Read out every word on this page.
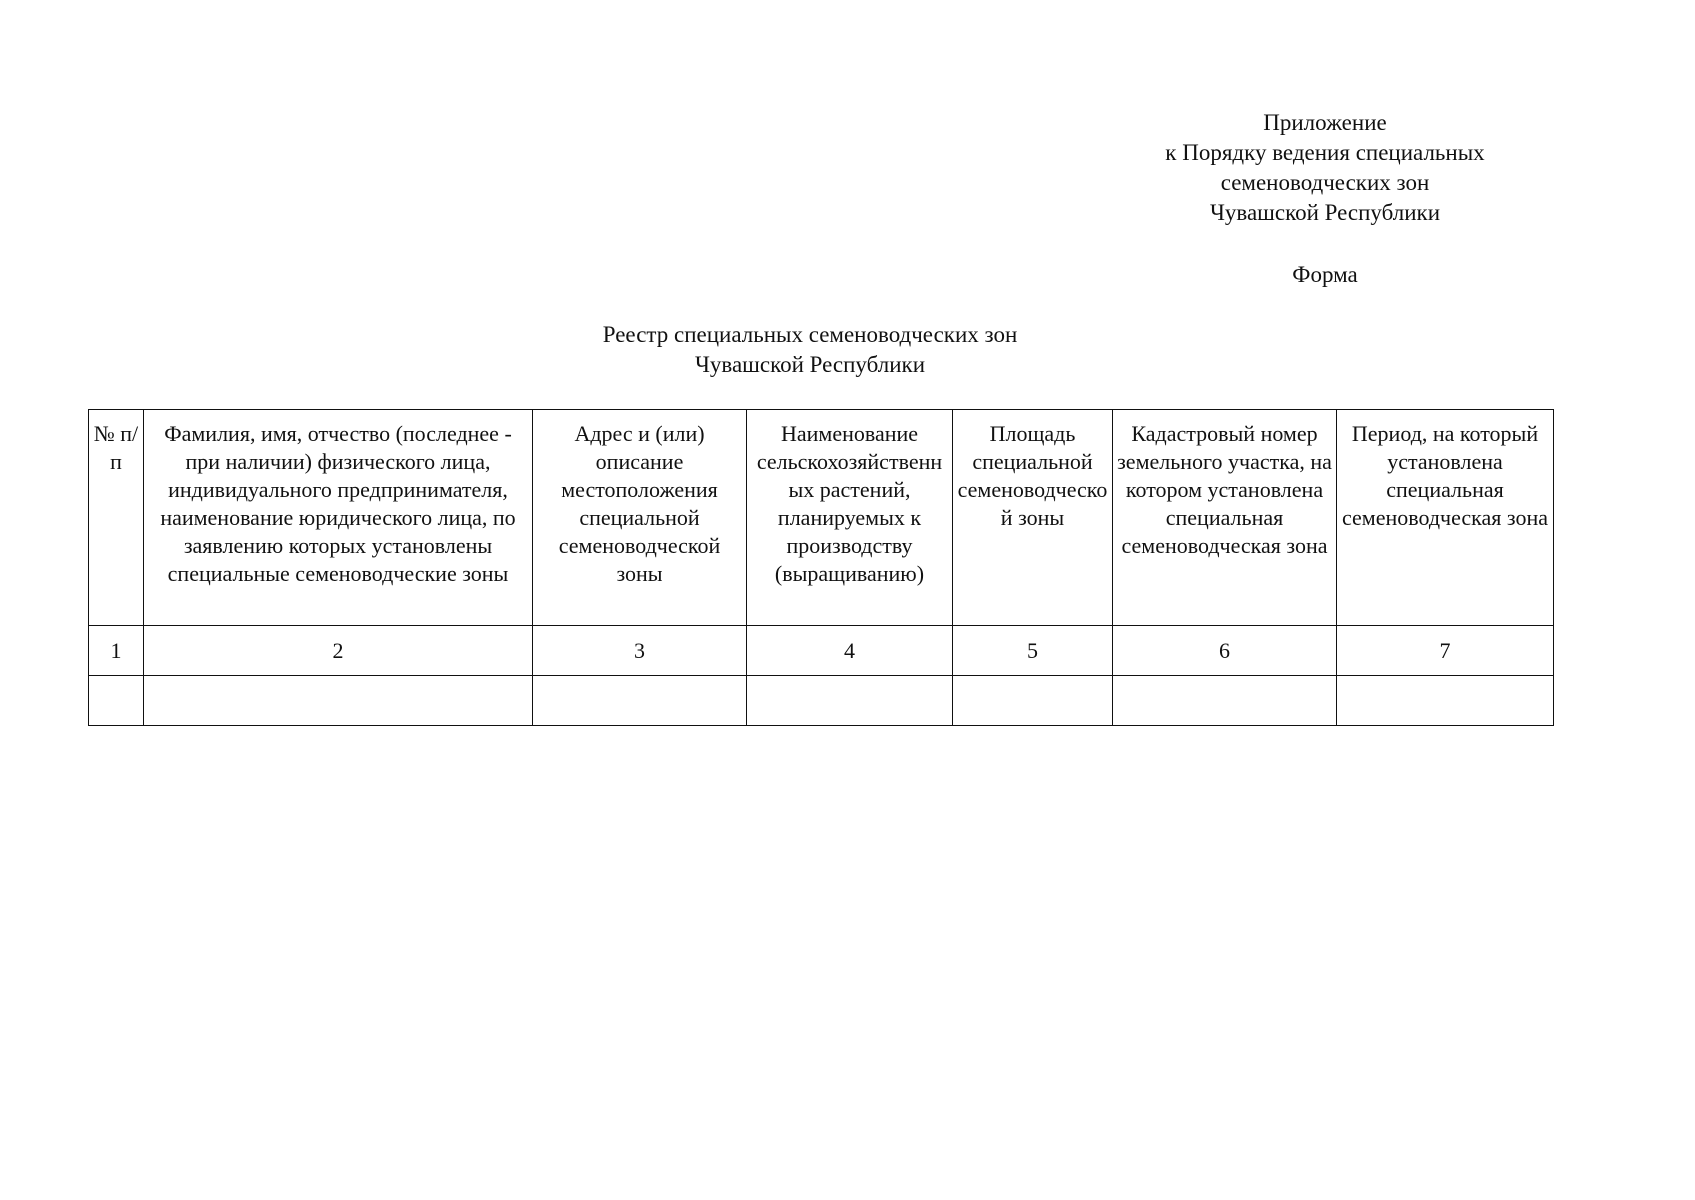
Приложение
к Порядку ведения специальных
семеноводческих зон
Чувашской Республики
Форма
Реестр специальных семеноводческих зон
Чувашской Республики
№ п/п	Фамилия, имя, отчество (последнее - при наличии) физического лица, индивидуального предпринимателя, наименование юридического лица, по заявлению которых установлены специальные семеноводческие зоны	Адрес и (или) описание местоположения специальной семеноводческой зоны	Наименование сельскохозяйственных растений, планируемых к производству (выращиванию)	Площадь специальной семеноводческой зоны	Кадастровый номер земельного участка, на котором установлена специальная семеноводческая зона	Период, на который установлена специальная семеноводческая зона
1	2	3	4	5	6	7
